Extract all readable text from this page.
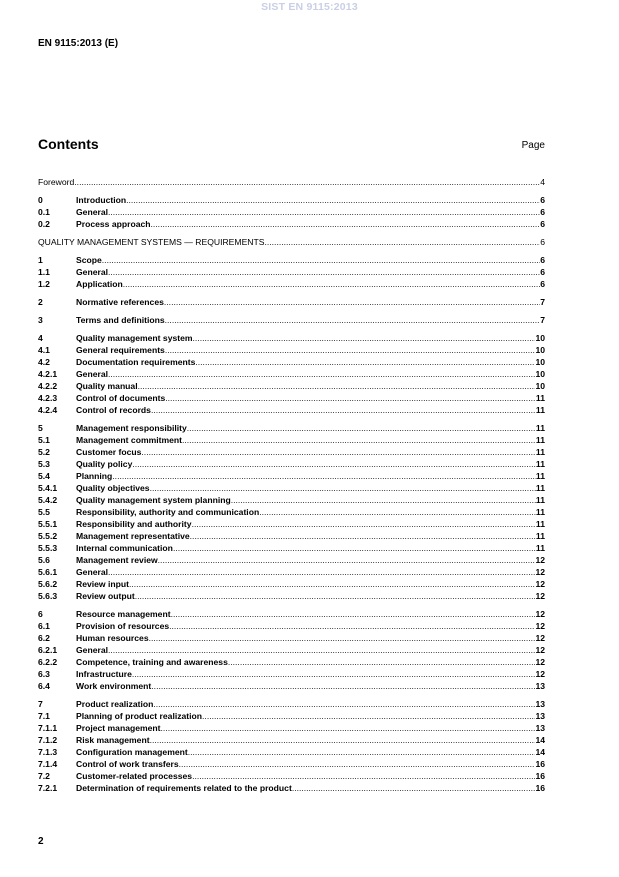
SIST EN 9115:2013
EN 9115:2013 (E)
Contents	Page
Foreword .....	4
0	Introduction .....	6
0.1	General .....	6
0.2	Process approach .....	6
QUALITY MANAGEMENT SYSTEMS — REQUIREMENTS .....	6
1	Scope .....	6
1.1	General .....	6
1.2	Application .....	6
2	Normative references .....	7
3	Terms and definitions .....	7
4	Quality management system .....	10
4.1	General requirements .....	10
4.2	Documentation requirements .....	10
4.2.1	General .....	10
4.2.2	Quality manual .....	10
4.2.3	Control of documents .....	11
4.2.4	Control of records .....	11
5	Management responsibility .....	11
5.1	Management commitment .....	11
5.2	Customer focus .....	11
5.3	Quality policy .....	11
5.4	Planning .....	11
5.4.1	Quality objectives .....	11
5.4.2	Quality management system planning .....	11
5.5	Responsibility, authority and communication .....	11
5.5.1	Responsibility and authority .....	11
5.5.2	Management representative .....	11
5.5.3	Internal communication .....	11
5.6	Management review .....	12
5.6.1	General .....	12
5.6.2	Review input .....	12
5.6.3	Review output .....	12
6	Resource management .....	12
6.1	Provision of resources .....	12
6.2	Human resources .....	12
6.2.1	General .....	12
6.2.2	Competence, training and awareness .....	12
6.3	Infrastructure .....	12
6.4	Work environment .....	13
7	Product realization .....	13
7.1	Planning of product realization .....	13
7.1.1	Project management .....	13
7.1.2	Risk management .....	14
7.1.3	Configuration management .....	14
7.1.4	Control of work transfers .....	16
7.2	Customer-related processes .....	16
7.2.1	Determination of requirements related to the product .....	16
2
